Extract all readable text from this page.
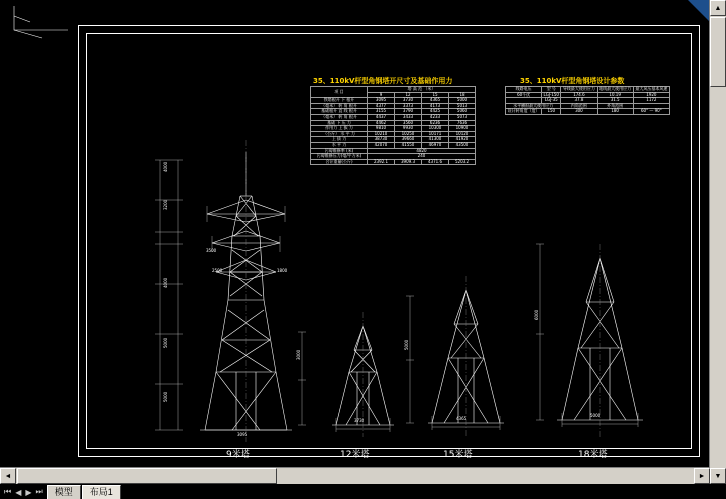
35、110kV杆型角钢塔开尺寸及基础作用力	35、110kV杆型角钢塔设计参数
项 目	塔 高 范 （米）			
	9	12	15	18
铁塔根开 下 根开	3095	3730	4365	5000
（毫米） 转 角 根开	4377	3373	4173	5013
基础根开 直 线 根开	3155	3790	4425	5060
（毫米） 转 角 根开	4437	3433	4233	5073
基础 下 压 力	4462	3560	6236	7636
作用力 上 拔 力	9810	9930	10300	10900
（公斤） 水 平 力	10210	10250	10171	10120
上 拔 力	38730	39660	41300	41920
水 平 力	42070	41550	46970	43500
污碍维修率 (米)	4820			
污碍维修压力(毫/平方米)	240			
合计重量(公斤)	2392.1	3909.3	4371.6	5203.2
线路电压	型 号	导线最大使用应力	地线最大使用应力	最大风压基本风速
60千伏	LGJ-150	174.6	10.19	1920
	LGJ-35	37.8	31.5	1172
水平横担最大使用应力		内角范围	外角范围	
设计转角度（度）	150	300	180	60° — 90°
4000
3200
4000
5000
5000
1800
3500
2500
3095
3730	4365
5000
3000
5000
6000
9米塔	12米塔	15米塔	18米塔
▲
▼
◄	►
⏮ ◀ ▶ ⏭	模型	布局1
